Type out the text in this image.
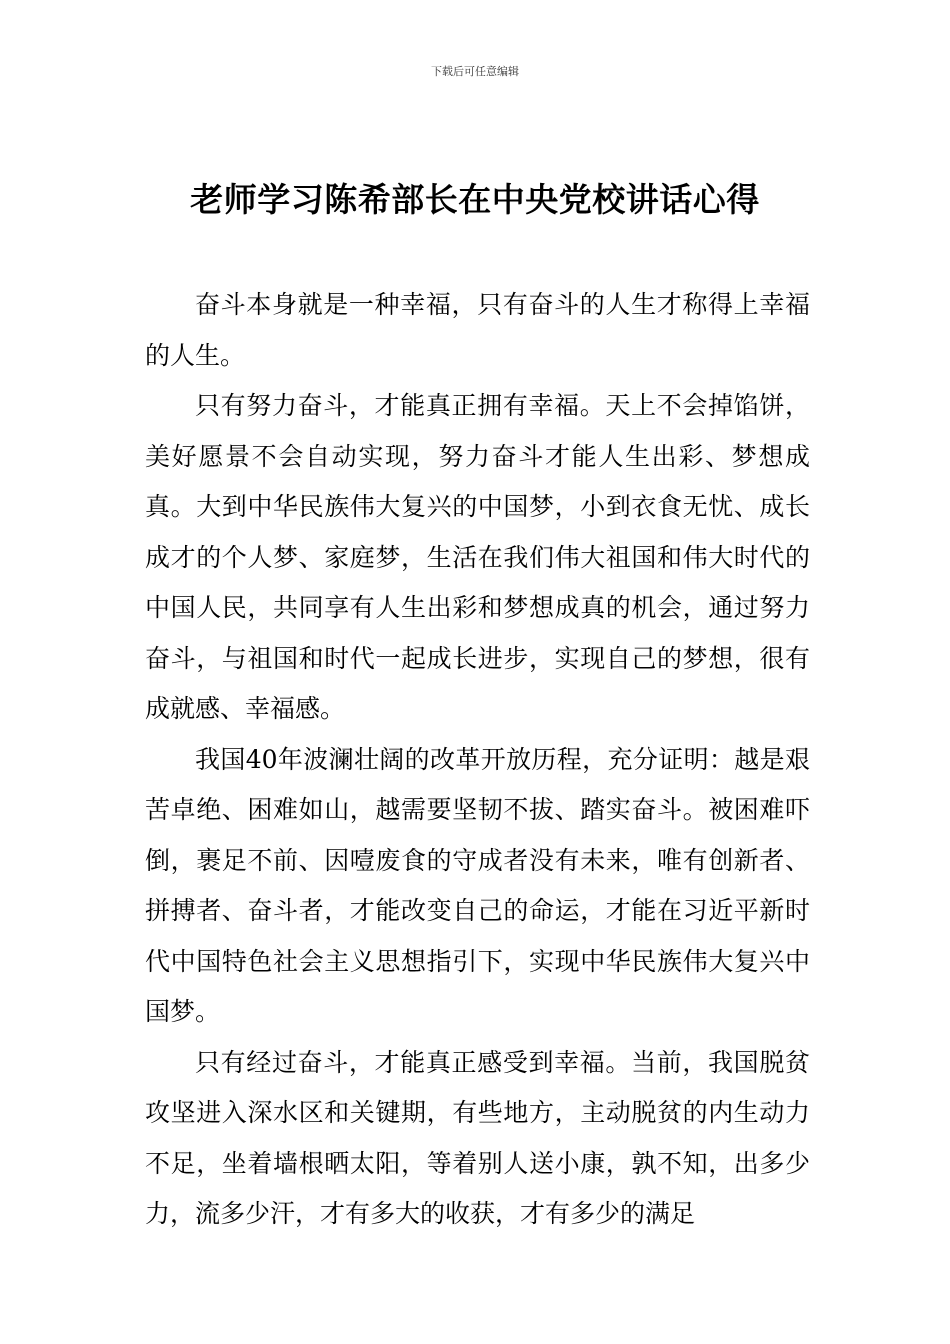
下载后可任意编辑
老师学习陈希部长在中央党校讲话心得

奋斗本身就是一种幸福，只有奋斗的人生才称得上幸福的人生。

只有努力奋斗，才能真正拥有幸福。天上不会掉馅饼，美好愿景不会自动实现，努力奋斗才能人生出彩、梦想成真。大到中华民族伟大复兴的中国梦，小到衣食无忧、成长成才的个人梦、家庭梦，生活在我们伟大祖国和伟大时代的中国人民，共同享有人生出彩和梦想成真的机会，通过努力奋斗，与祖国和时代一起成长进步，实现自己的梦想，很有成就感、幸福感。

我国40年波澜壮阔的改革开放历程，充分证明：越是艰苦卓绝、困难如山，越需要坚韧不拔、踏实奋斗。被困难吓倒，裹足不前、因噎废食的守成者没有未来，唯有创新者、拼搏者、奋斗者，才能改变自己的命运，才能在习近平新时代中国特色社会主义思想指引下，实现中华民族伟大复兴中国梦。

只有经过奋斗，才能真正感受到幸福。当前，我国脱贫攻坚进入深水区和关键期，有些地方，主动脱贫的内生动力不足，坐着墙根晒太阳，等着别人送小康，孰不知，出多少力，流多少汗，才有多大的收获，才有多少的满足
